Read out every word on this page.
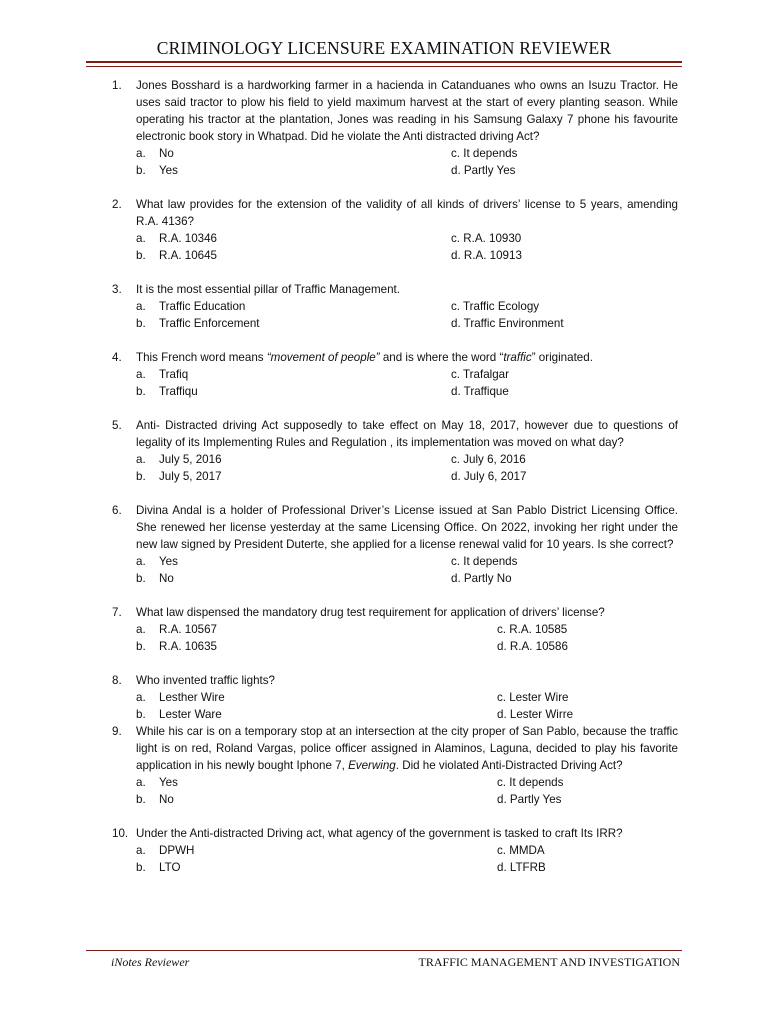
CRIMINOLOGY LICENSURE EXAMINATION REVIEWER
1. Jones Bosshard is a hardworking farmer in a hacienda in Catanduanes who owns an Isuzu Tractor. He uses said tractor to plow his field to yield maximum harvest at the start of every planting season. While operating his tractor at the plantation, Jones was reading in his Samsung Galaxy 7 phone his favourite electronic book story in Whatpad. Did he violate the Anti distracted driving Act?
a. No	c. It depends
b. Yes	d. Partly Yes
2. What law provides for the extension of the validity of all kinds of drivers’ license to 5 years, amending R.A. 4136?
a. R.A. 10346	c. R.A. 10930
b. R.A. 10645	d. R.A. 10913
3. It is the most essential pillar of Traffic Management.
a. Traffic Education	c. Traffic Ecology
b. Traffic Enforcement	d. Traffic Environment
4. This French word means “movement of people” and is where the word “traffic” originated.
a. Trafiq	c. Trafalgar
b. Traffiqu	d. Traffique
5. Anti- Distracted driving Act supposedly to take effect on May 18, 2017, however due to questions of legality of its Implementing Rules and Regulation , its implementation was moved on what day?
a. July 5, 2016	c. July 6, 2016
b. July 5, 2017	d. July 6, 2017
6. Divina Andal is a holder of Professional Driver’s License issued at San Pablo District Licensing Office. She renewed her license yesterday at the same Licensing Office. On 2022, invoking her right under the new law signed by President Duterte, she applied for a license renewal valid for 10 years. Is she correct?
a. Yes	c. It depends
b. No	d. Partly No
7. What law dispensed the mandatory drug test requirement for application of drivers’ license?
a. R.A. 10567	c. R.A. 10585
b. R.A. 10635	d. R.A. 10586
8. Who invented traffic lights?
a. Lesther Wire	c. Lester Wire
b. Lester Ware	d. Lester Wirre
9. While his car is on a temporary stop at an intersection at the city proper of San Pablo, because the traffic light is on red, Roland Vargas, police officer assigned in Alaminos, Laguna, decided to play his favorite application in his newly bought Iphone 7, Everwing. Did he violated Anti-Distracted Driving Act?
a. Yes	c. It depends
b. No	d. Partly Yes
10. Under the Anti-distracted Driving act, what agency of the government is tasked to craft Its IRR?
a. DPWH	c. MMDA
b. LTO	d. LTFRB
iNotes Reviewer	TRAFFIC MANAGEMENT AND INVESTIGATION
